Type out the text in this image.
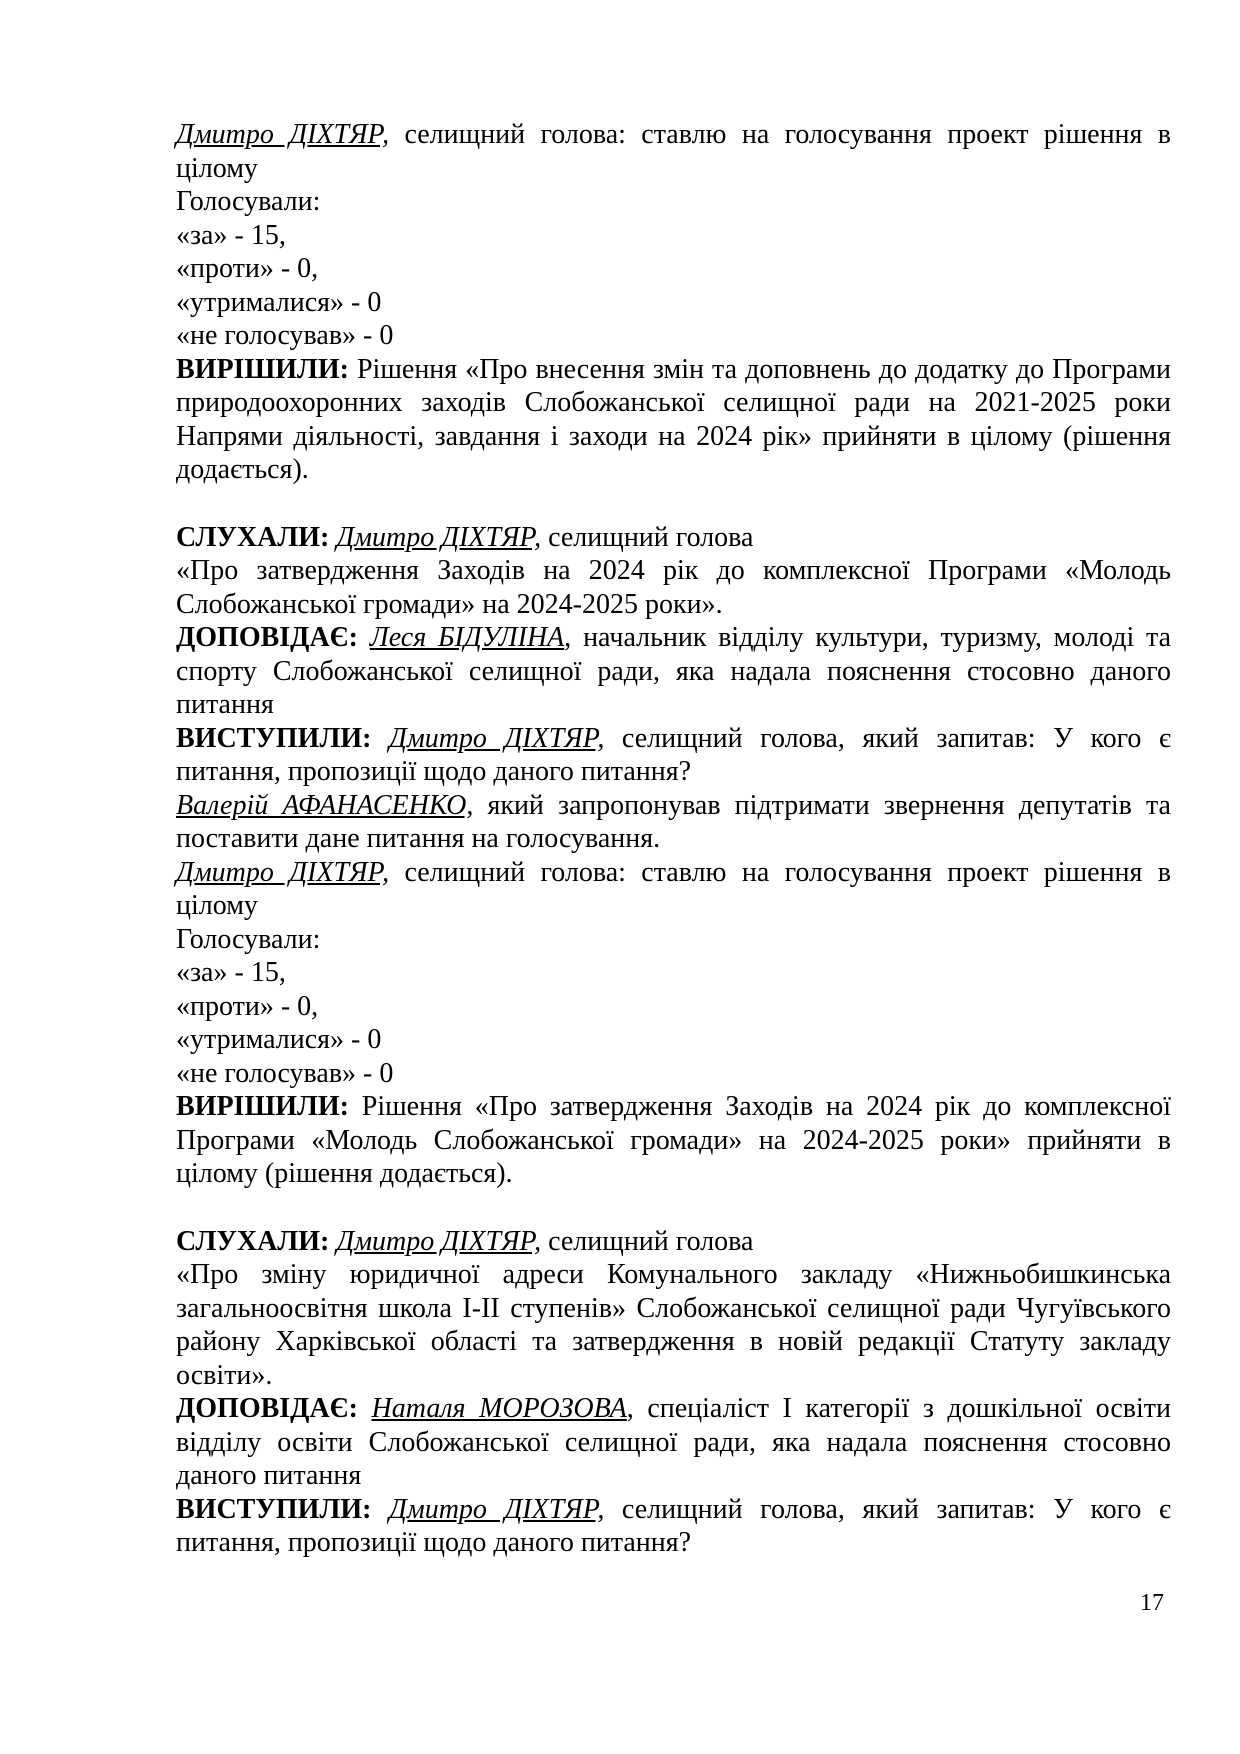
Дмитро ДІХТЯР, селищний голова: ставлю на голосування проект рішення в цілому

Голосували:

«за» - 15,

«проти» - 0,

«утрималися» - 0

«не голосував» - 0

ВИРІШИЛИ: Рішення «Про внесення змін та доповнень до додатку до Програми природоохоронних заходів Слобожанської селищної ради на 2021-2025 роки Напрями діяльності, завдання і заходи на 2024 рік» прийняти в цілому (рішення додається).

СЛУХАЛИ: Дмитро ДІХТЯР, селищний голова

«Про затвердження Заходів на 2024 рік до комплексної Програми «Молодь Слобожанської громади» на 2024-2025 роки».

ДОПОВІДАЄ: Леся БІДУЛІНА, начальник відділу культури, туризму, молоді та спорту Слобожанської селищної ради, яка надала пояснення стосовно даного питання

ВИСТУПИЛИ: Дмитро ДІХТЯР, селищний голова, який запитав: У кого є питання, пропозиції щодо даного питання?

Валерій АФАНАСЕНКО, який запропонував підтримати звернення депутатів та поставити дане питання на голосування.

Дмитро ДІХТЯР, селищний голова: ставлю на голосування проект рішення в цілому

Голосували:

«за» - 15,

«проти» - 0,

«утрималися» - 0

«не голосував» - 0

ВИРІШИЛИ: Рішення «Про затвердження Заходів на 2024 рік до комплексної Програми «Молодь Слобожанської громади» на 2024-2025 роки» прийняти в цілому (рішення додається).

СЛУХАЛИ: Дмитро ДІХТЯР, селищний голова

«Про зміну юридичної адреси Комунального закладу «Нижньобишкинська загальноосвітня школа І-ІІ ступенів» Слобожанської селищної ради Чугуївського району Харківської області та затвердження в новій редакції Статуту закладу освіти».

ДОПОВІДАЄ: Наталя МОРОЗОВА, спеціаліст І категорії з дошкільної освіти відділу освіти Слобожанської селищної ради, яка надала пояснення стосовно даного питання

ВИСТУПИЛИ: Дмитро ДІХТЯР, селищний голова, який запитав: У кого є питання, пропозиції щодо даного питання?

17
